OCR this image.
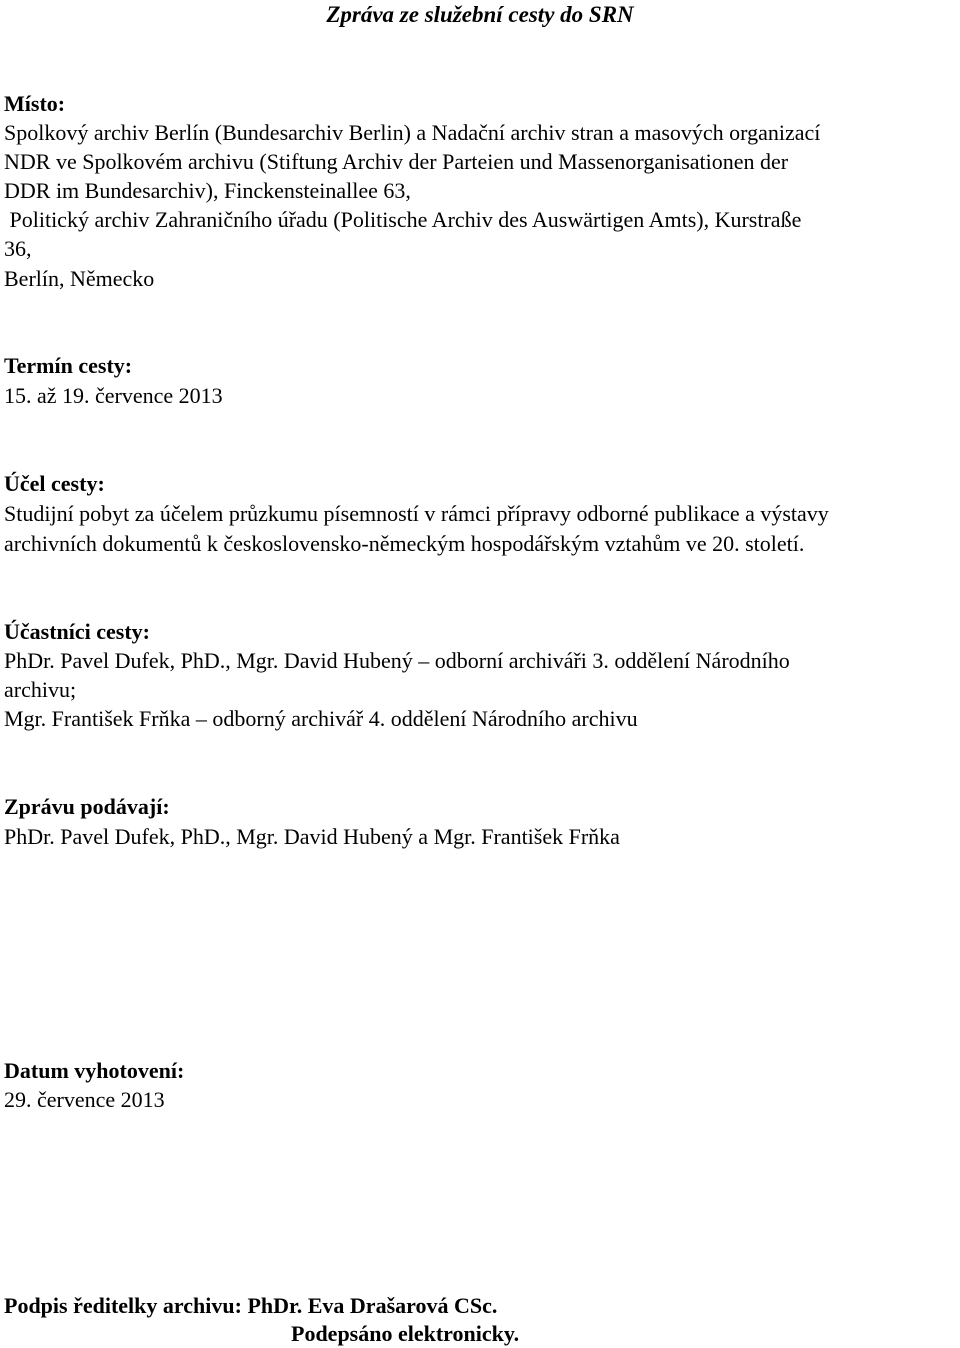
Zpráva ze služební cesty do SRN
Místo:
Spolkový archiv Berlín (Bundesarchiv Berlin) a Nadační archiv stran a masových organizací
NDR ve Spolkovém archivu (Stiftung Archiv der Parteien und Massenorganisationen der
DDR im Bundesarchiv), Finckensteinallee 63,
Politický archiv Zahraničního úřadu (Politische Archiv des Auswärtigen Amts), Kurstraße
36,
Berlín, Německo
Termín cesty:
15. až 19. července 2013
Účel cesty:
Studijní pobyt za účelem průzkumu písemností v rámci přípravy odborné publikace a výstavy
archivních dokumentů k československo-německým hospodářským vztahům ve 20. století.
Účastníci cesty:
PhDr. Pavel Dufek, PhD., Mgr. David Hubený – odborní archiváři 3. oddělení Národního
archivu;
Mgr. František Frňka – odborný archivář 4. oddělení Národního archivu
Zprávu podávají:
PhDr. Pavel Dufek, PhD., Mgr. David Hubený a Mgr. František Frňka
Datum vyhotovení:
29. července 2013
Podpis ředitelky archivu: PhDr. Eva Drašarová CSc.
Podepsáno elektronicky.
